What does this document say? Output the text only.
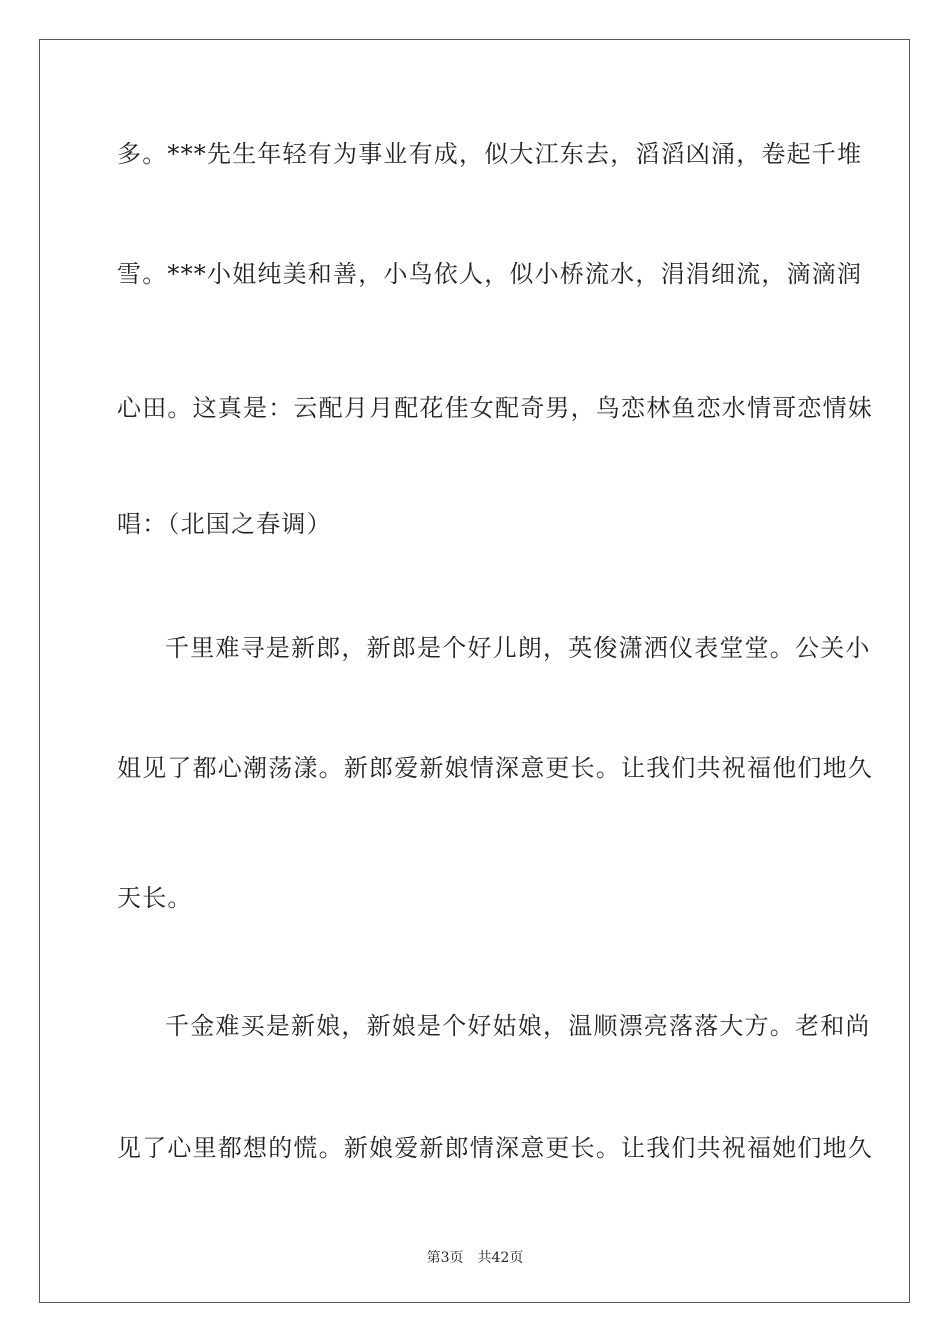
多。***先生年轻有为事业有成，似大江东去，滔滔凶涌，卷起千堆
雪。***小姐纯美和善，小鸟依人，似小桥流水，涓涓细流，滴滴润
心田。这真是：云配月月配花佳女配奇男，鸟恋林鱼恋水情哥恋情妹
唱：（北国之春调）
千里难寻是新郎，新郎是个好儿朗，英俊潇洒仪表堂堂。公关小
姐见了都心潮荡漾。新郎爱新娘情深意更长。让我们共祝福他们地久
天长。
千金难买是新娘，新娘是个好姑娘，温顺漂亮落落大方。老和尚
见了心里都想的慌。新娘爱新郎情深意更长。让我们共祝福她们地久
第3页　共42页
